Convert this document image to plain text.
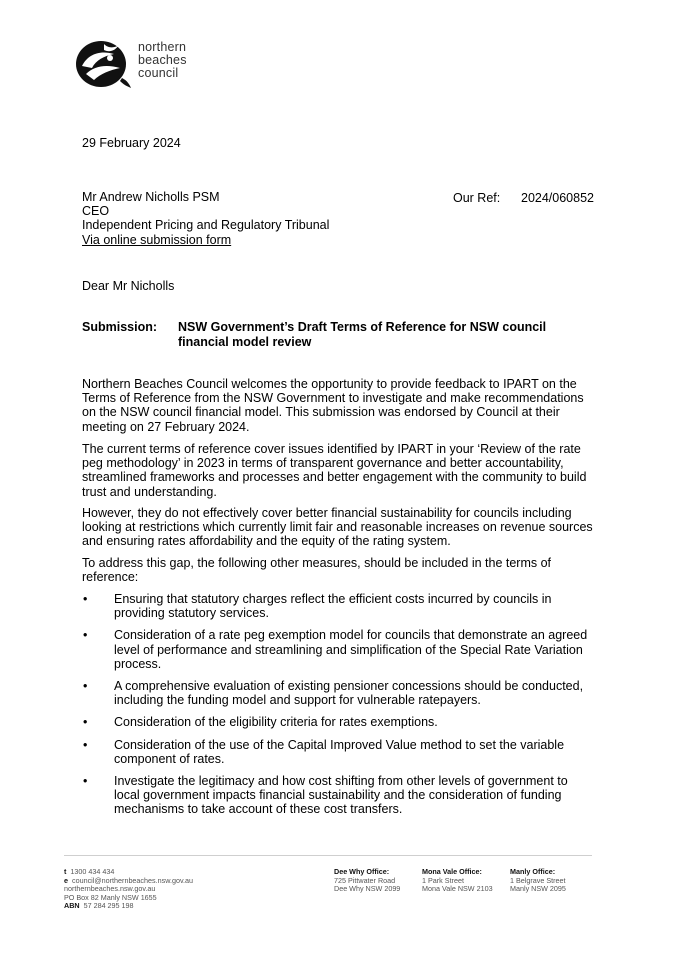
northern
beaches
council
29 February 2024
Mr Andrew Nicholls PSM
CEO
Independent Pricing and Regulatory Tribunal
Via online submission form
Our Ref: 2024/060852
Dear Mr Nicholls
Submission: NSW Government’s Draft Terms of Reference for NSW council
financial model review
Northern Beaches Council welcomes the opportunity to provide feedback to IPART on the
Terms of Reference from the NSW Government to investigate and make recommendations
on the NSW council financial model. This submission was endorsed by Council at their
meeting on 27 February 2024.
The current terms of reference cover issues identified by IPART in your ‘Review of the rate
peg methodology’ in 2023 in terms of transparent governance and better accountability,
streamlined frameworks and processes and better engagement with the community to build
trust and understanding.
However, they do not effectively cover better financial sustainability for councils including
looking at restrictions which currently limit fair and reasonable increases on revenue sources
and ensuring rates affordability and the equity of the rating system.
To address this gap, the following other measures, should be included in the terms of
reference:
• Ensuring that statutory charges reflect the efficient costs incurred by councils in
providing statutory services.
• Consideration of a rate peg exemption model for councils that demonstrate an agreed
level of performance and streamlining and simplification of the Special Rate Variation
process.
• A comprehensive evaluation of existing pensioner concessions should be conducted,
including the funding model and support for vulnerable ratepayers.
• Consideration of the eligibility criteria for rates exemptions.
• Consideration of the use of the Capital Improved Value method to set the variable
component of rates.
• Investigate the legitimacy and how cost shifting from other levels of government to
local government impacts financial sustainability and the consideration of funding
mechanisms to take account of these cost transfers.
t 1300 434 434
e council@northernbeaches.nsw.gov.au
northernbeaches.nsw.gov.au
PO Box 82 Manly NSW 1655
ABN 57 284 295 198
Dee Why Office:
725 Pittwater Road
Dee Why NSW 2099
Mona Vale Office:
1 Park Street
Mona Vale NSW 2103
Manly Office:
1 Belgrave Street
Manly NSW 2095
